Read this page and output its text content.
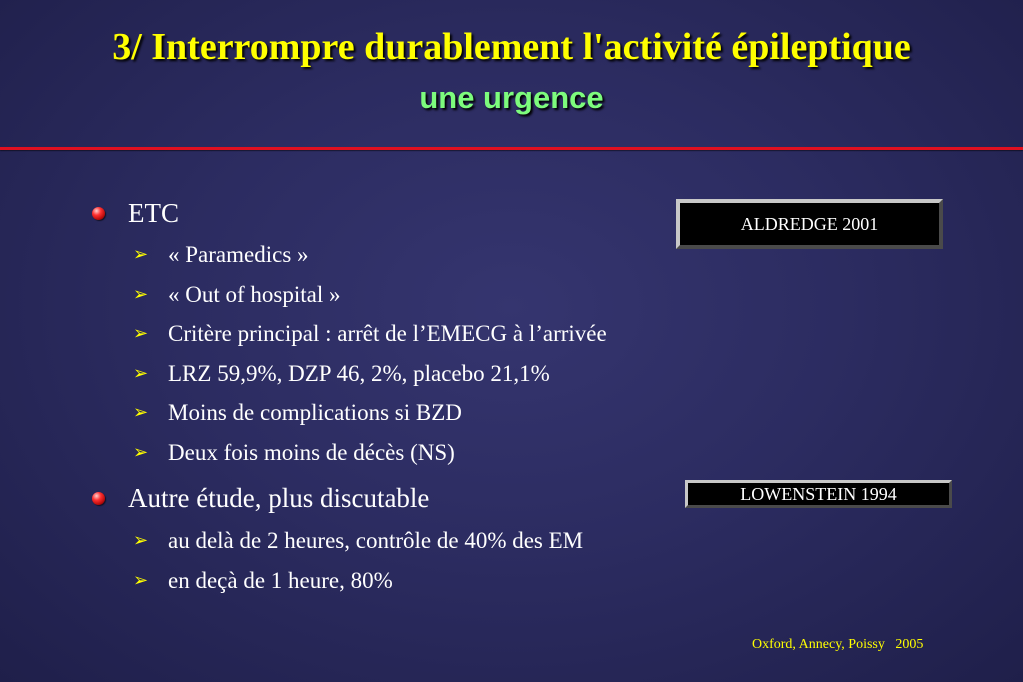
3/ Interrompre durablement l'activité épileptique
une urgence
ETC
➢ « Paramedics »
➢ « Out of hospital »
➢ Critère principal : arrêt de l’EMECG à l’arrivée
➢ LRZ 59,9%, DZP 46, 2%, placebo 21,1%
➢ Moins de complications si BZD
➢ Deux fois moins de décès (NS)
Autre étude, plus discutable
➢ au delà de 2 heures, contrôle de 40% des EM
➢ en deçà de 1 heure, 80%
ALDREDGE 2001
LOWENSTEIN 1994
Oxford, Annecy, Poissy   2005
